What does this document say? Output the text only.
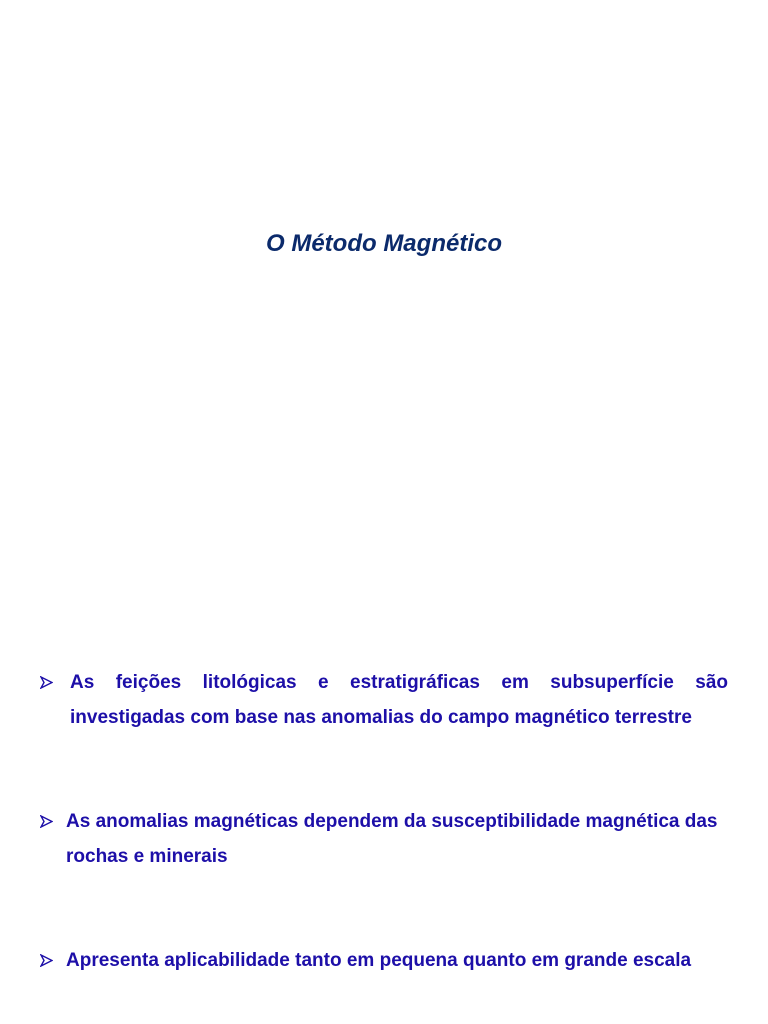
O Método Magnético

As feições litológicas e estratigráficas em subsuperfície são investigadas com base nas anomalias do campo magnético terrestre

As anomalias magnéticas dependem da susceptibilidade magnética das rochas e minerais

Apresenta aplicabilidade tanto em pequena quanto em grande escala
